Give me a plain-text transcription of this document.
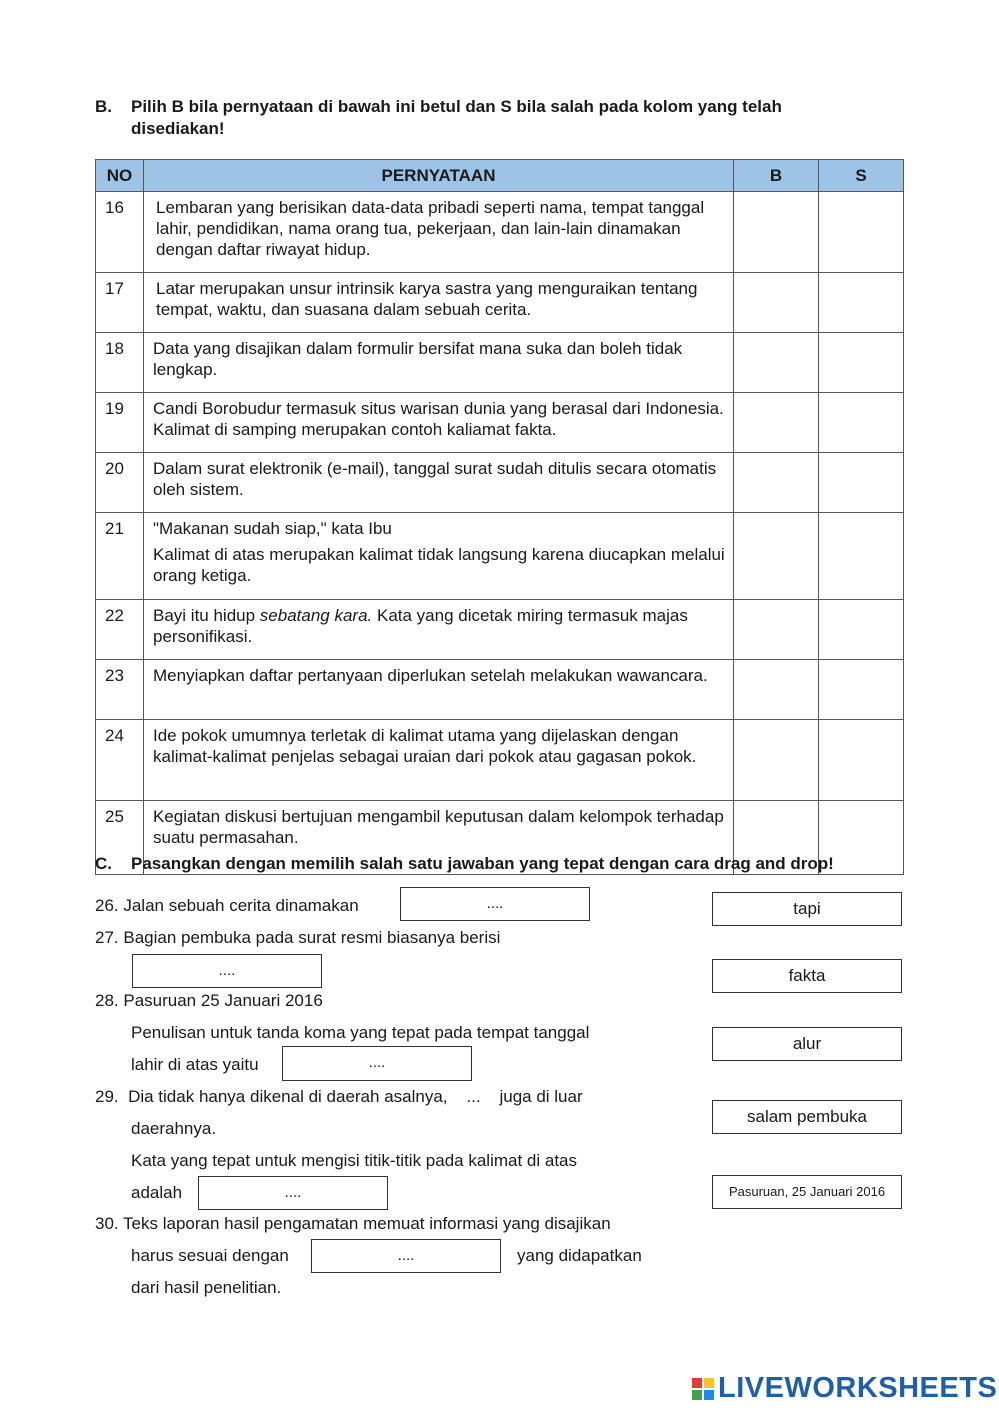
B. Pilih B bila pernyataan di bawah ini betul dan S bila salah pada kolom yang telah
disediakan!
NO	PERNYATAAN	B	S
16	Lembaran yang berisikan data-data pribadi seperti nama, tempat tanggal lahir, pendidikan, nama orang tua, pekerjaan, dan lain-lain dinamakan dengan daftar riwayat hidup.		
17	Latar merupakan unsur intrinsik karya sastra yang menguraikan tentang tempat, waktu, dan suasana dalam sebuah cerita.		
18	Data yang disajikan dalam formulir bersifat mana suka dan boleh tidak lengkap.		
19	Candi Borobudur termasuk situs warisan dunia yang berasal dari Indonesia. Kalimat di samping merupakan contoh kaliamat fakta.		
20	Dalam surat elektronik (e-mail), tanggal surat sudah ditulis secara otomatis oleh sistem.		
21	"Makanan sudah siap," kata Ibu

Kalimat di atas merupakan kalimat tidak langsung karena diucapkan melalui orang ketiga.		

22	Bayi itu hidup sebatang kara. Kata yang dicetak miring termasuk majas personifikasi.		
23	Menyiapkan daftar pertanyaan diperlukan setelah melakukan wawancara.		
24	Ide pokok umumnya terletak di kalimat utama yang dijelaskan dengan kalimat-kalimat penjelas sebagai uraian dari pokok atau gagasan pokok.		
25	Kegiatan diskusi bertujuan mengambil keputusan dalam kelompok terhadap suatu permasahan.		
C. Pasangkan dengan memilih salah satu jawaban yang tepat dengan cara drag and drop!
26. Jalan sebuah cerita dinamakan	....
27. Bagian pembuka pada surat resmi biasanya berisi
....
28. Pasuruan 25 Januari 2016
Penulisan untuk tanda koma yang tepat pada tempat tanggal
lahir di atas yaitu	....
29.  Dia tidak hanya dikenal di daerah asalnya,    ...    juga di luar
daerahnya.
Kata yang tepat untuk mengisi titik-titik pada kalimat di atas
adalah	....
30. Teks laporan hasil pengamatan memuat informasi yang disajikan
harus sesuai dengan	....	yang didapatkan
dari hasil penelitian.
tapi
fakta
alur
salam pembuka
Pasuruan, 25 Januari 2016
LIVEWORKSHEETS
